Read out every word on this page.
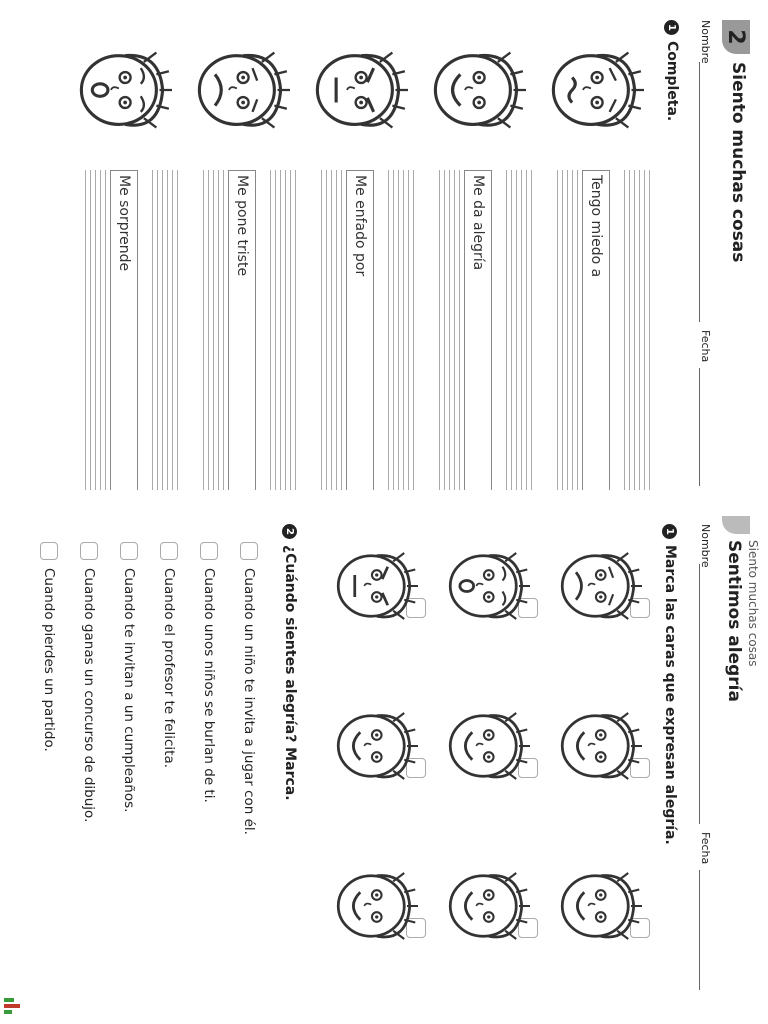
2
Siento muchas cosas
Nombre
Fecha
1
Completa.
Tengo miedo a
Me da alegría
Me enfado por
Me pone triste
Me sorprende
Siento muchas cosas
Sentimos alegría
Nombre
Fecha
1
Marca las caras que expresan alegría.
2
¿Cuándo sientes alegría? Marca.
Cuando un niño te invita a jugar con él.
Cuando unos niños se burlan de ti.
Cuando el profesor te felicita.
Cuando te invitan a un cumpleaños.
Cuando ganas un concurso de dibujo.
Cuando pierdes un partido.
